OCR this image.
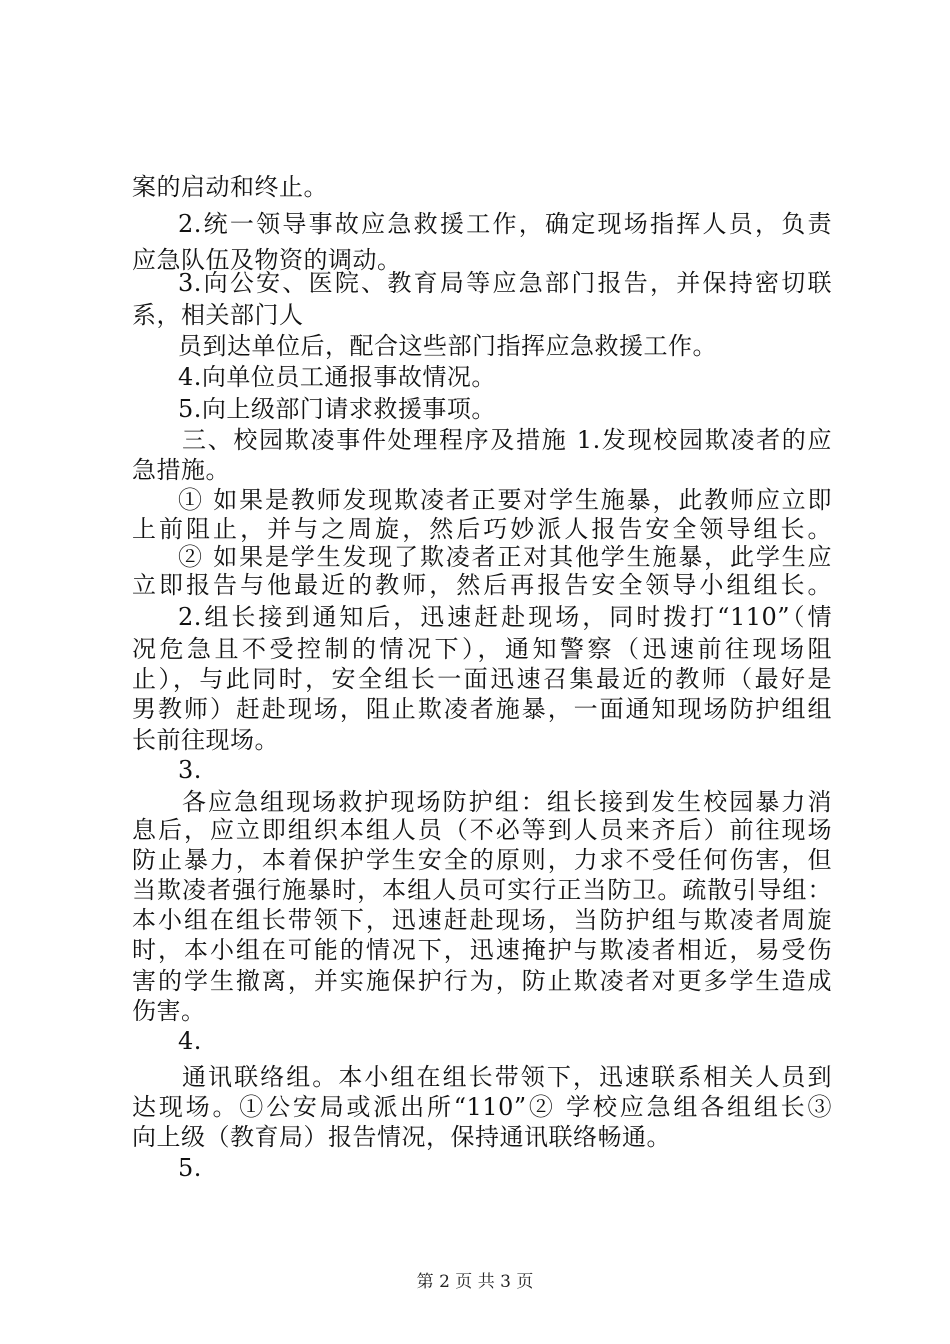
案的启动和终止。
2.统一领导事故应急救援工作，确定现场指挥人员，负责
应急队伍及物资的调动。
3.向公安、医院、教育局等应急部门报告，并保持密切联
系，相关部门人
员到达单位后，配合这些部门指挥应急救援工作。
4.向单位员工通报事故情况。
5.向上级部门请求救援事项。
三、校园欺凌事件处理程序及措施 1.发现校园欺凌者的应
急措施。
① 如果是教师发现欺凌者正要对学生施暴，此教师应立即
上前阻止，并与之周旋，然后巧妙派人报告安全领导组长。
② 如果是学生发现了欺凌者正对其他学生施暴，此学生应
立即报告与他最近的教师，然后再报告安全领导小组组长。
2.组长接到通知后，迅速赶赴现场，同时拨打“110”（情
况危急且不受控制的情况下），通知警察（迅速前往现场阻
止），与此同时，安全组长一面迅速召集最近的教师（最好是
男教师）赶赴现场，阻止欺凌者施暴，一面通知现场防护组组
长前往现场。
3.
各应急组现场救护现场防护组：组长接到发生校园暴力消
息后，应立即组织本组人员（不必等到人员来齐后）前往现场
防止暴力，本着保护学生安全的原则，力求不受任何伤害，但
当欺凌者强行施暴时，本组人员可实行正当防卫。疏散引导组：
本小组在组长带领下，迅速赶赴现场，当防护组与欺凌者周旋
时，本小组在可能的情况下，迅速掩护与欺凌者相近，易受伤
害的学生撤离，并实施保护行为，防止欺凌者对更多学生造成
伤害。
4.
通讯联络组。本小组在组长带领下，迅速联系相关人员到
达现场。①公安局或派出所“110”② 学校应急组各组组长③
向上级（教育局）报告情况，保持通讯联络畅通。
5.
第 2 页 共 3 页
